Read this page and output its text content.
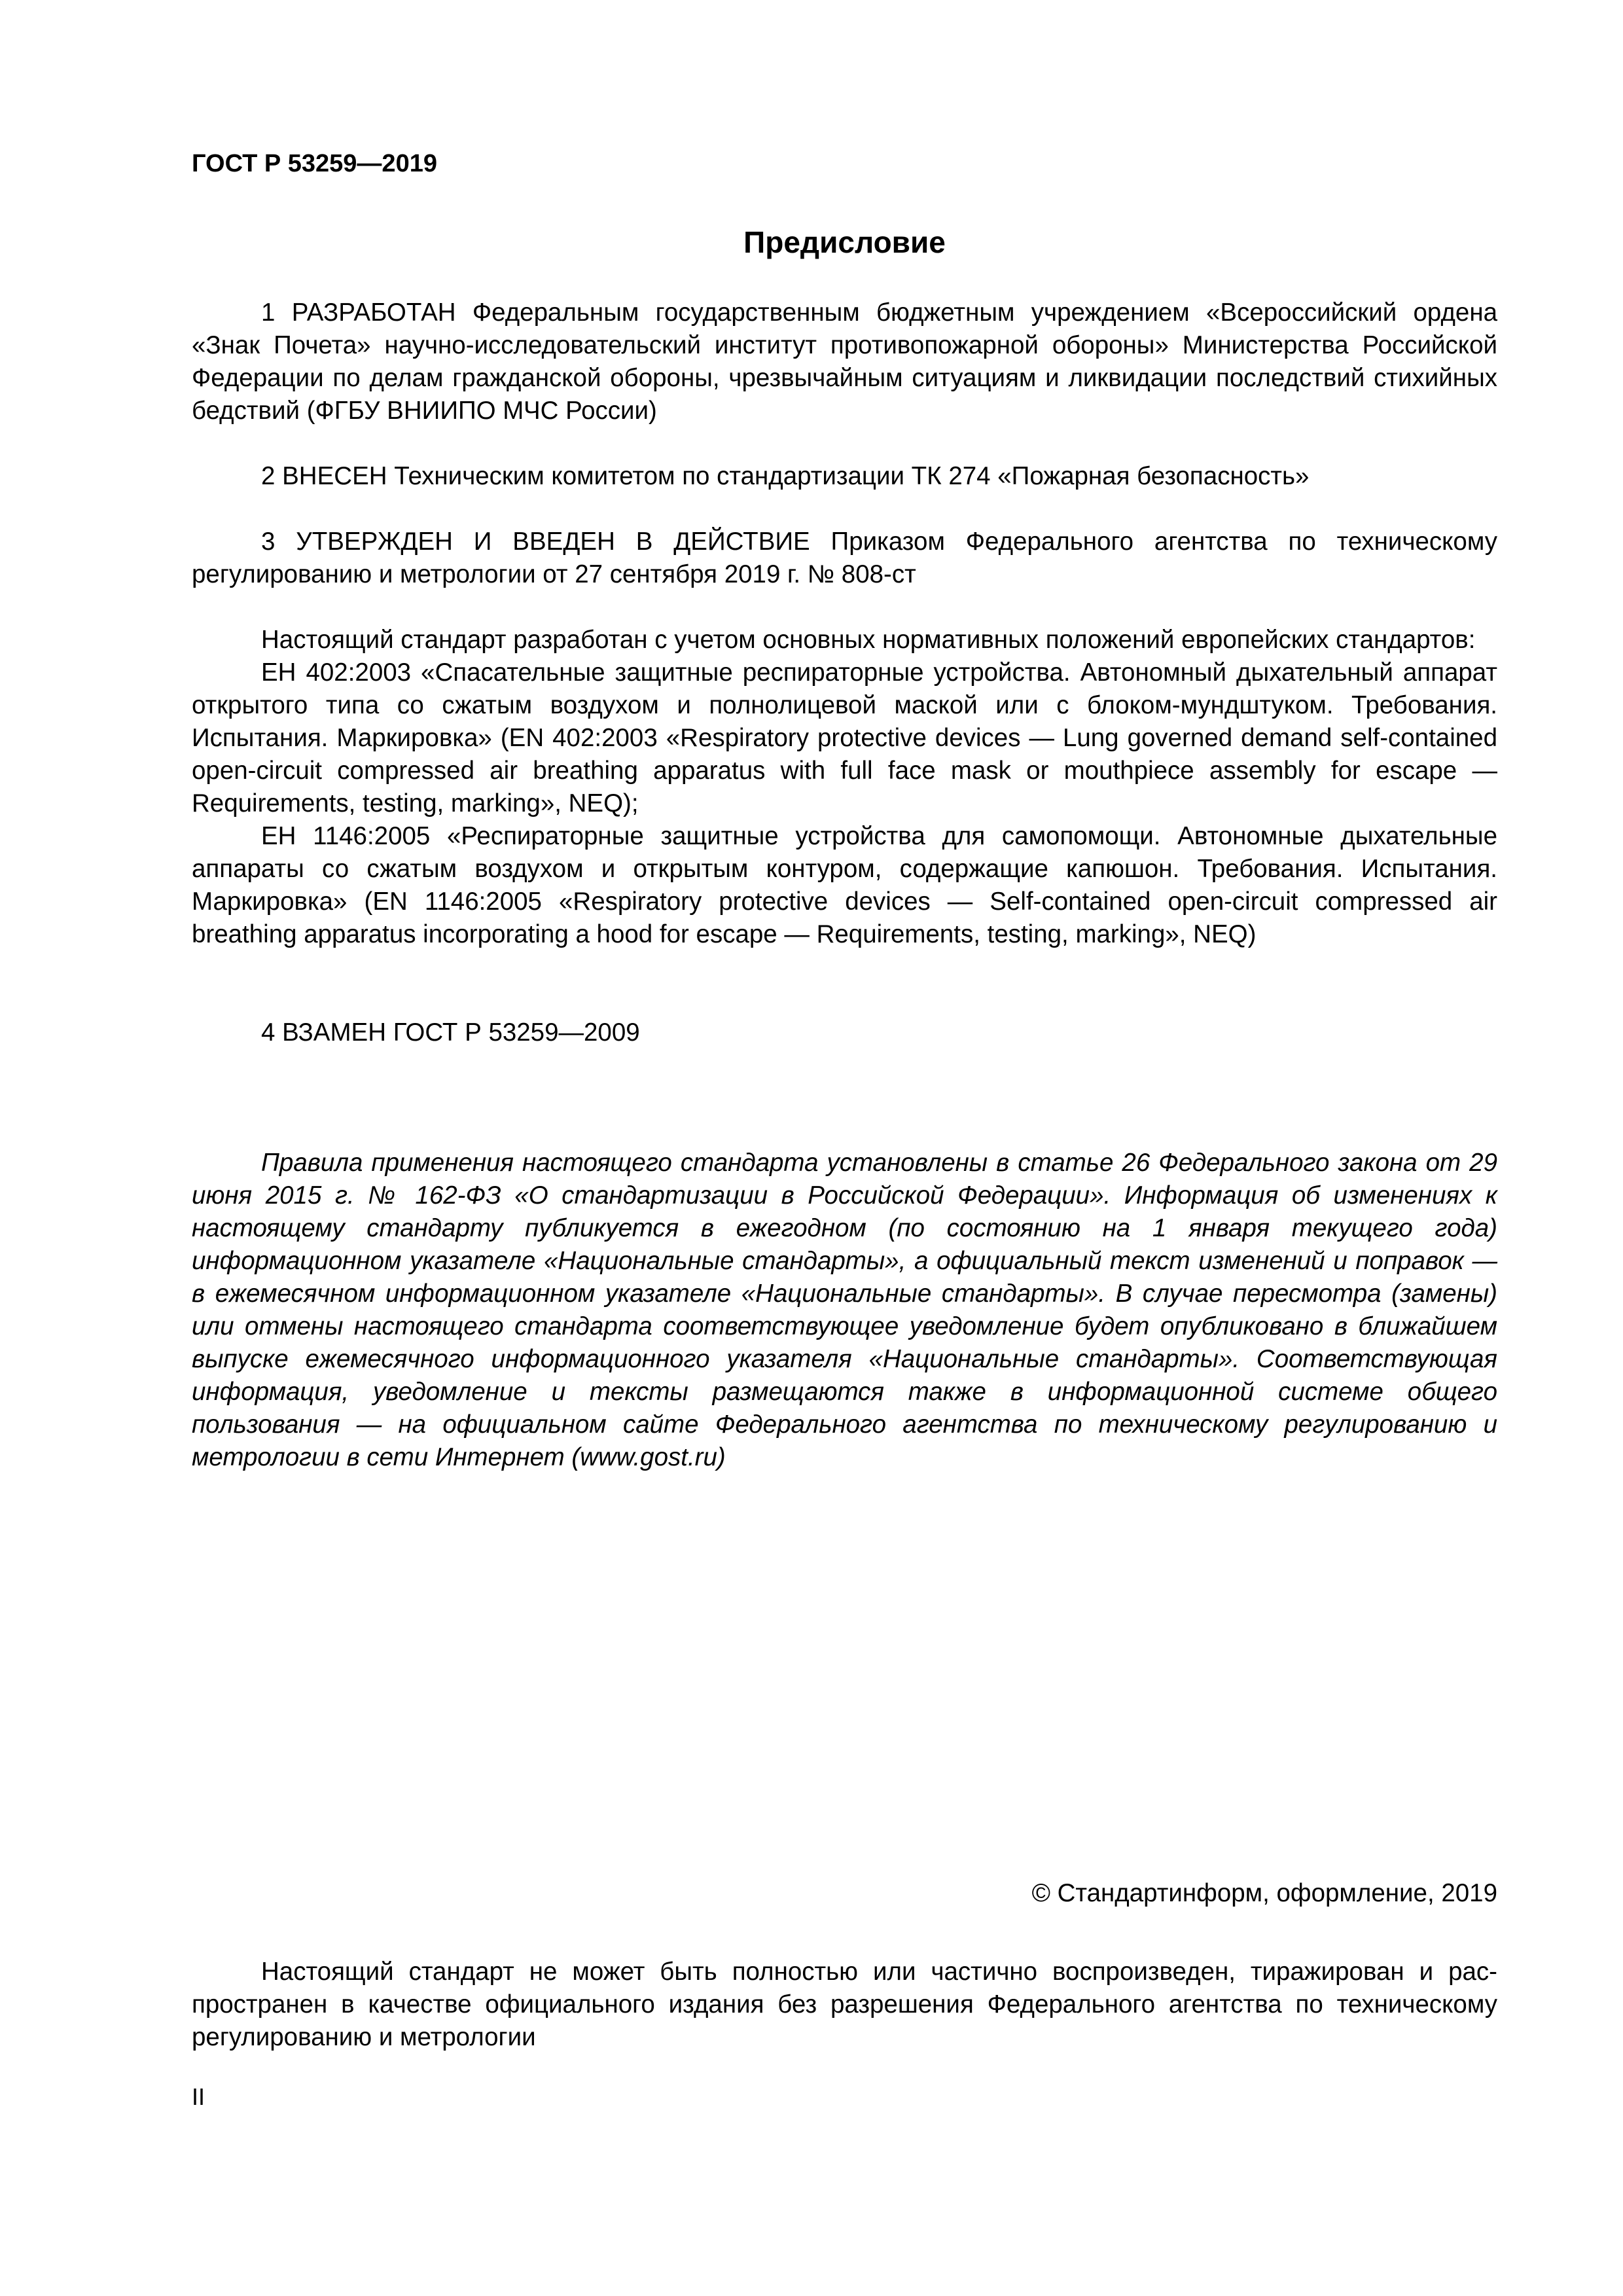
ГОСТ Р 53259—2019
Предисловие

1 РАЗРАБОТАН Федеральным государственным бюджетным учреждением «Всероссийский ордена «Знак Почета» научно-исследовательский институт противопожарной обороны» Министерства Российской Федерации по делам гражданской обороны, чрезвычайным ситуациям и ликвидации последствий стихийных бедствий (ФГБУ ВНИИПО МЧС России)

2 ВНЕСЕН Техническим комитетом по стандартизации ТК 274 «Пожарная безопасность»

3 УТВЕРЖДЕН И ВВЕДЕН В ДЕЙСТВИЕ Приказом Федерального агентства по техническому регулированию и метрологии от 27 сентября 2019 г. № 808-ст

Настоящий стандарт разработан с учетом основных нормативных положений европейских стандартов:

ЕН 402:2003 «Спасательные защитные респираторные устройства. Автономный дыхательный аппарат открытого типа со сжатым воздухом и полнолицевой маской или с блоком-мундштуком. Требования. Испытания. Маркировка» (EN 402:2003 «Respiratory protective devices — Lung governed demand self-contained open-circuit compressed air breathing apparatus with full face mask or mouthpiece assembly for escape — Requirements, testing, marking», NEQ);

ЕН 1146:2005 «Респираторные защитные устройства для самопомощи. Автономные дыхательные аппараты со сжатым воздухом и открытым контуром, содержащие капюшон. Требования. Испытания. Маркировка» (EN 1146:2005 «Respiratory protective devices — Self-contained open-circuit compressed air breathing apparatus incorporating a hood for escape — Requirements, testing, marking», NEQ)

4 ВЗАМЕН ГОСТ Р 53259—2009

Правила применения настоящего стандарта установлены в статье 26 Федерального закона от 29 июня 2015 г. № 162-ФЗ «О стандартизации в Российской Федерации». Информация об изменениях к настоящему стандарту публикуется в ежегодном (по состоянию на 1 января текущего года) информационном указателе «Национальные стандарты», а официальный текст изменений и поправок — в ежемесячном информационном указателе «Национальные стандарты». В случае пересмотра (замены) или отмены настоящего стандарта соответствующее уведомление будет опубликовано в ближайшем выпуске ежемесячного информационного указателя «Национальные стандарты». Соответствующая информация, уведомление и тексты размещаются также в информационной системе общего пользования — на официальном сайте Федерального агентства по техническому регулированию и метрологии в сети Интернет (www.gost.ru)

© Стандартинформ, оформление, 2019

Настоящий стандарт не может быть полностью или частично воспроизведен, тиражирован и распространен в качестве официального издания без разрешения Федерального агентства по техническому регулированию и метрологии

II
